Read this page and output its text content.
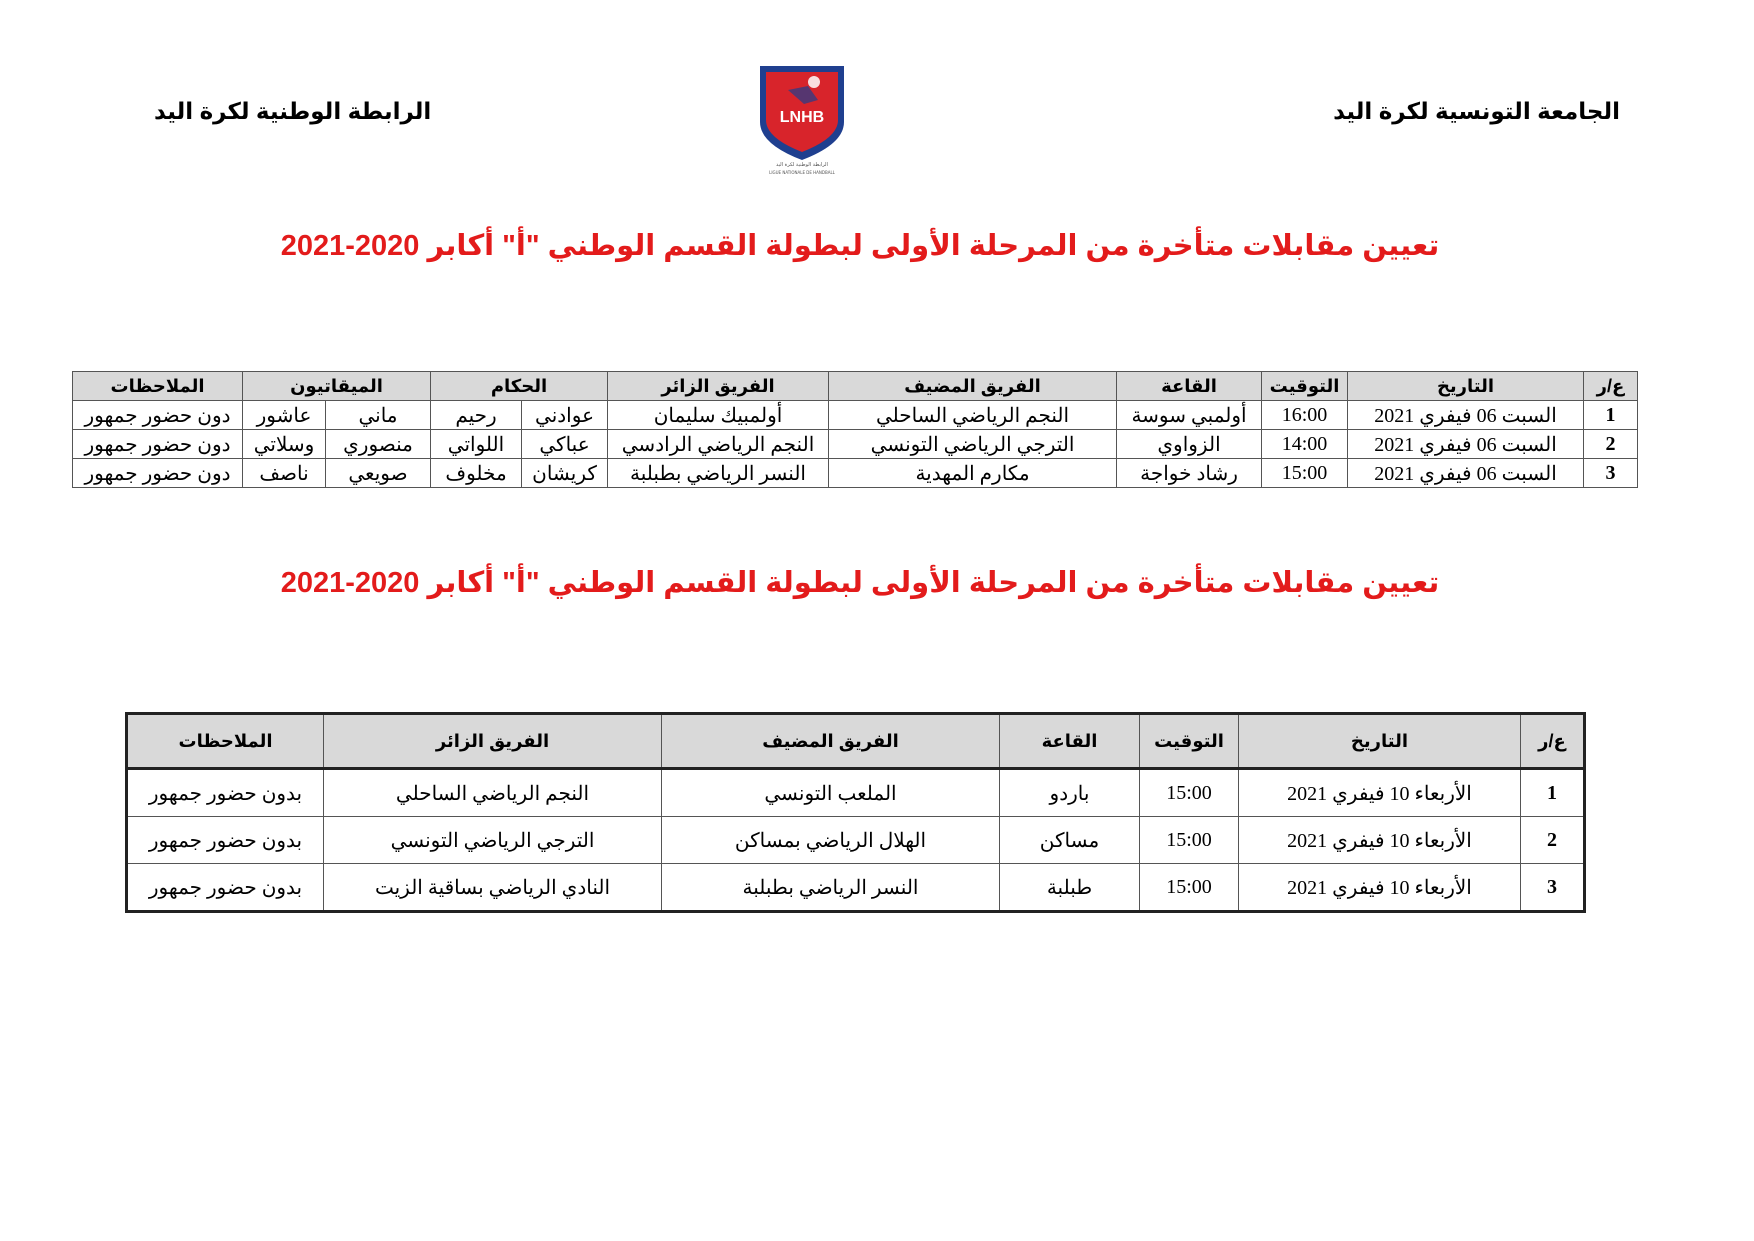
الجامعة التونسية لكرة اليد
الرابطة الوطنية لكرة اليد	LNHB
الرابطة الوطنية لكرة اليد
LIGUE NATIONALE DE HANDBALL
تعيين مقابلات متأخرة من المرحلة الأولى لبطولة القسم الوطني "أ" أكابر 2020-2021
ع/ر	التاريخ	التوقيت	القاعة	الفريق المضيف	الفريق الزائر	الحكام		الميقاتيون		الملاحظات
1	السبت 06 فيفري 2021	16:00	أولمبي سوسة	النجم الرياضي الساحلي	أولمبيك سليمان	عوادني	رحيم	ماني	عاشور	دون حضور جمهور
2	السبت 06 فيفري 2021	14:00	الزواوي	الترجي الرياضي التونسي	النجم الرياضي الرادسي	عباكي	اللواتي	منصوري	وسلاتي	دون حضور جمهور
3	السبت 06 فيفري 2021	15:00	رشاد خواجة	مكارم المهدية	النسر الرياضي بطبلبة	كريشان	مخلوف	صويعي	ناصف	دون حضور جمهور
تعيين مقابلات متأخرة من المرحلة الأولى لبطولة القسم الوطني "أ" أكابر 2020-2021
ع/ر	التاريخ	التوقيت	القاعة	الفريق المضيف	الفريق الزائر	الملاحظات
1	الأربعاء 10 فيفري 2021	15:00	باردو	الملعب التونسي	النجم الرياضي الساحلي	بدون حضور جمهور
2	الأربعاء 10 فيفري 2021	15:00	مساكن	الهلال الرياضي بمساكن	الترجي الرياضي التونسي	بدون حضور جمهور
3	الأربعاء 10 فيفري 2021	15:00	طبلبة	النسر الرياضي بطبلبة	النادي الرياضي بساقية الزيت	بدون حضور جمهور
